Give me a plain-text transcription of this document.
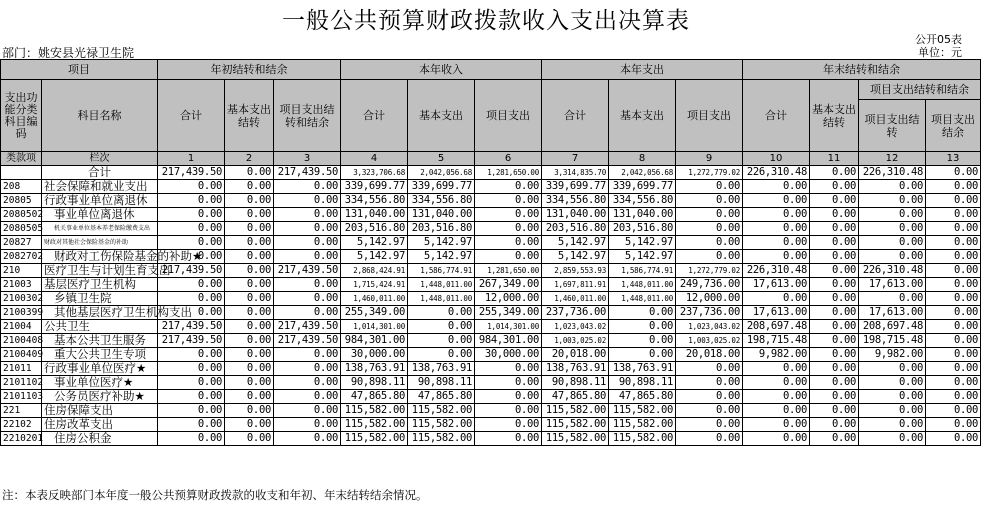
一般公共预算财政拨款收入支出决算表
公开05表
部门：姚安县光禄卫生院	单位：元
项目		年初结转和结余			本年收入			本年支出			年末结转和结余			
支出功能分类科目编码	科目名称	合计	基本支出结转	项目支出结转和结余	合计	基本支出	项目支出	合计	基本支出	项目支出	合计	基本支出结转	项目支出结转和结余	
													项目支出结转	项目支出结余

类款项	栏次	1	2	3	4	5	6	7	8	9	10	11	12	13
	合计	217,439.50	0.00	217,439.50	3,323,706.68	2,042,056.68	1,281,650.00	3,314,835.70	2,042,056.68	1,272,779.02	226,310.48	0.00	226,310.48	0.00
208	社会保障和就业支出	0.00	0.00	0.00	339,699.77	339,699.77	0.00	339,699.77	339,699.77	0.00	0.00	0.00	0.00	0.00
20805	行政事业单位离退休	0.00	0.00	0.00	334,556.80	334,556.80	0.00	334,556.80	334,556.80	0.00	0.00	0.00	0.00	0.00
2080502	事业单位离退休	0.00	0.00	0.00	131,040.00	131,040.00	0.00	131,040.00	131,040.00	0.00	0.00	0.00	0.00	0.00
2080505	机关事业单位基本养老保险缴费支出	0.00	0.00	0.00	203,516.80	203,516.80	0.00	203,516.80	203,516.80	0.00	0.00	0.00	0.00	0.00
20827	财政对其他社会保险基金的补助	0.00	0.00	0.00	5,142.97	5,142.97	0.00	5,142.97	5,142.97	0.00	0.00	0.00	0.00	0.00
2082702	财政对工伤保险基金的补助★	0.00	0.00	0.00	5,142.97	5,142.97	0.00	5,142.97	5,142.97	0.00	0.00	0.00	0.00	0.00
210	医疗卫生与计划生育支出	217,439.50	0.00	217,439.50	2,868,424.91	1,586,774.91	1,281,650.00	2,859,553.93	1,586,774.91	1,272,779.02	226,310.48	0.00	226,310.48	0.00
21003	基层医疗卫生机构	0.00	0.00	0.00	1,715,424.91	1,448,011.00	267,349.00	1,697,811.91	1,448,011.00	249,736.00	17,613.00	0.00	17,613.00	0.00
2100302	乡镇卫生院	0.00	0.00	0.00	1,460,011.00	1,448,011.00	12,000.00	1,460,011.00	1,448,011.00	12,000.00	0.00	0.00	0.00	0.00
2100399	其他基层医疗卫生机构支出	0.00	0.00	0.00	255,349.00	0.00	255,349.00	237,736.00	0.00	237,736.00	17,613.00	0.00	17,613.00	0.00
21004	公共卫生	217,439.50	0.00	217,439.50	1,014,301.00	0.00	1,014,301.00	1,023,043.02	0.00	1,023,043.02	208,697.48	0.00	208,697.48	0.00
2100408	基本公共卫生服务	217,439.50	0.00	217,439.50	984,301.00	0.00	984,301.00	1,003,025.02	0.00	1,003,025.02	198,715.48	0.00	198,715.48	0.00
2100409	重大公共卫生专项	0.00	0.00	0.00	30,000.00	0.00	30,000.00	20,018.00	0.00	20,018.00	9,982.00	0.00	9,982.00	0.00
21011	行政事业单位医疗★	0.00	0.00	0.00	138,763.91	138,763.91	0.00	138,763.91	138,763.91	0.00	0.00	0.00	0.00	0.00
2101102	事业单位医疗★	0.00	0.00	0.00	90,898.11	90,898.11	0.00	90,898.11	90,898.11	0.00	0.00	0.00	0.00	0.00
2101103	公务员医疗补助★	0.00	0.00	0.00	47,865.80	47,865.80	0.00	47,865.80	47,865.80	0.00	0.00	0.00	0.00	0.00
221	住房保障支出	0.00	0.00	0.00	115,582.00	115,582.00	0.00	115,582.00	115,582.00	0.00	0.00	0.00	0.00	0.00
22102	住房改革支出	0.00	0.00	0.00	115,582.00	115,582.00	0.00	115,582.00	115,582.00	0.00	0.00	0.00	0.00	0.00
2210201	住房公积金	0.00	0.00	0.00	115,582.00	115,582.00	0.00	115,582.00	115,582.00	0.00	0.00	0.00	0.00	0.00
注：本表反映部门本年度一般公共预算财政拨款的收支和年初、年末结转结余情况。
